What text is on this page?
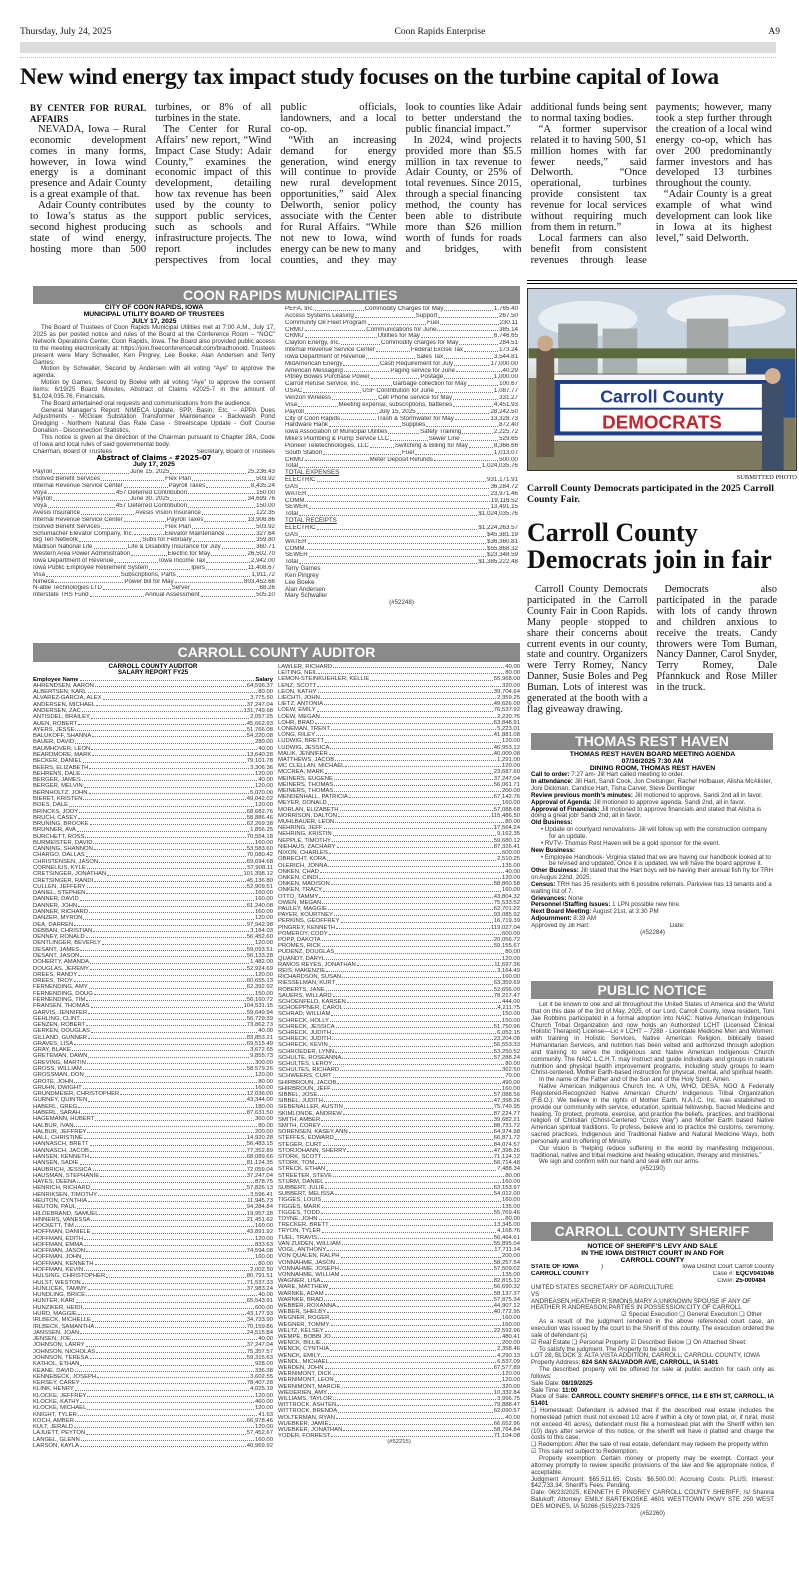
Thursday, July 24, 2025	Coon Rapids Enterprise	A9
New wind energy tax impact study focuses on the turbine capital of Iowa

BY CENTER FOR RURAL AFFAIRS

NEVADA, Iowa – Rural economic development comes in many forms, however, in Iowa wind energy is a dominant presence and Adair County is a great example of that.

Adair County contributes to Iowa’s status as the second highest producing state of wind energy, hosting more than 500 turbines, or 8% of all turbines in the state.

The Center for Rural Affairs’ new report, “Wind Impact Case Study: Adair County,” examines the economic impact of this development, detailing how tax revenue has been used by the county to support public services, such as schools and infrastructure projects. The report includes perspectives from local public officials, landowners, and a local co-op.

“With an increasing demand for energy generation, wind energy will continue to provide new rural development opportunities,” said Alex Delworth, senior policy associate with the Center for Rural Affairs. “While not new to Iowa, wind energy can be new to many counties, and they may look to counties like Adair to better understand the public financial impact.”

In 2024, wind projects provided more than $5.5 million in tax revenue to Adair County, or 25% of total revenues. Since 2015, through a special financing method, the county has been able to distribute more than $26 million worth of funds for roads and bridges, with additional funds being sent to normal taxing bodies.

“A former supervisor related it to having 500, $1 million homes with far fewer needs,” said Delworth. “Once operational, turbines provide consistent tax revenue for local services without requiring much from them in return.”

Local farmers can also benefit from consistent revenues through lease payments; however, many took a step further through the creation of a local wind energy co-op, which has over 200 predominantly farmer investors and has developed 13 turbines throughout the county.

“Adair County is a great example of what wind development can look like in Iowa at its highest level,” said Delworth.

COON RAPIDS MUNICIPALITIES
CITY OF COON RAPIDS, IOWA
MUNICIPAL UTILITY BOARD OF TRUSTEES
JULY 17, 2025
The Board of Trustees of Coon Rapids Municipal Utilities met at 7:00 A.M., July 17, 2025 as per posted notice and rules of the Board at the Conference Room – “NOC” Network Operations Center, Coon Rapids, Iowa. The Board also provided public access to the meeting electronically at: https://join.freeconferencecall.com/bradhonold. Trustees present were Mary Schwaller, Ken Pingrey, Lee Boeke, Alan Andersen and Terry Games.
Motion by Schwaller, Second by Andersen with all voting “Aye” to approve the agenda.
Motion by Games, Second by Boeke with all voting “Aye” to approve the consent items: 6/19/25 Board Minutes, Abstract of Claims #2025-7 in the amount of $1,024,035.76, Financials.
The Board entertained oral requests and communications from the audience.
General Manager’s Report: NIMECA Update, SPP, Basin, Etc. – APPA Dues Adjustments - McGraw Substation Transformer Maintenance - Backwash Pond Dredging - Northern Natural Gas Rate Case - Streetscape Update - Golf Course Donation - Disconnection Statistics.
This notice is given at the direction of the Chairman pursuant to Chapter 28A, Code of Iowa and local rules of said governmental body.
Chairman, Board of Trustees	Secretary, Board of Trustees
Abstract of Claims - #2025-07
July 17, 2025
Payroll	June 15, 2025	25,236.43
ISolved Benefit Services	Flex Plan	503.92
Internal Revenue Service Center	Payroll Taxes	8,435.24
Voya	457 Deferred Contribution	150.00
Payroll	June 30, 2025	34,699.76
Voya	457 Deferred Contribution	150.00
Avesis Insurance	Avesis Vision Insurance	122.35
Internal Revenue Service Center	Payroll Taxes	13,906.86
ISolved Benefit Services	Flex Plan	503.92
Schumacher Elevator Company, Inc.	Elevator Maintenance	327.64
Big Ten Network	Subs for February	359.80
Madison National Life	Life & Disability Insurance for July	360.71
Western Area Power Administration	Electric for May	26,502.70
Iowa Department of Revenue	Iowa Income Tax	2,942.00
Iowa Public Employee Retirement System	Ipers	11,408.67
Visa	Subscriptions, Parts	1,911.72
Nimeca	Power bill for May	803,452.66
N-able Technologies LTD	Server	68.26
Interstate TRS Fund	Annual Assessment	505.10
PEFA, Inc.	Commodity Charges for May	1,765.40
Access Systems Leasing	Support	267.50
Community Oil Fleet Program	Fuel	230.11
CRMU	Communications for June	385.14
CRMU	Utilities for May	6,746.65
Clayton Energy, Inc.	Commodity charges for May	284.51
Internal Revenue Service Center	Federal Excise Tax	173.24
Iowa Department of Revenue	Sales Tax	3,544.81
MidAmerican Energy	Cash Requirement for July	17,000.00
American Messaging	Paging service for June	40.29
Pitney Bowes Purchase Power	Postage	1,000.00
Carroll Refuse Service, Inc.	Garbage collection for May	100.67
USAC	USF Contribution for June	1,087.77
Verizon Wireless	Cell Phone service for May	331.27
Visa	Meeting expense, subscriptions, batteries	4,451.93
Payroll	July 15, 2025	28,242.50
City of Coon Rapids	Trash & Stormwater for May	13,328.73
Hardware Hank	Supplies	872.40
Iowa Association of Municipal Utilities	Safety Training	2,225.72
Mike’s Plumbing & Pump Service LLC	Sewer Line	529.65
Pioneer Teletechnologies, LLC	Switching & Billing for May	8,366.66
South Station	Fuel	1,013.07
CRMU	Meter Deposit Refunds	500.00
Total	1,024,035.76
TOTAL EXPENSES
ELECTRIC	931,171.91
GAS	36,284.72
WATER	23,971.46
COMM.	19,116.52
SEWER	13,491.15
Total	$1,024,035.76
TOTAL RECEIPTS
ELECTRIC	$1,224,263.57
GAS	$45,381.19
WATER	$36,360.81
COMM.	$55,868.32
SEWER	$23,348.59
Total	$1,385,222.48
Terry Games
Ken Pingrey
Lee Boeke
Alan Andersen
Mary Schwaller
(#52248)
CARROLL COUNTY AUDITOR
CARROLL COUNTY AUDITOR
SALARY REPORT FY25
Employee Name	Salary
AHRENDSEN, AARON	64,596.37
ALBERTSEN, KARL	80.00
ALVAREZ-GARCIA, ALEX	3,775.50
ANDERSEN, MICHAEL	37,247.04
ANDERSEN, ZAC	131,749.68
ANTISDEL, BRAILEY	2,057.25
AUEN, ROBERT	45,662.93
AYERS, JESSE	51,766.08
BALUKOFF, SHANNA	54,220.08
BAUER, DAVID	280.00
BAUMHOVER, LEON	40.00
BEARDMORE, MARK	13,640.28
BECKER, DANIEL	79,101.78
BEERS, ELIZABETH	3,306.36
BEHRENS, DALE	120.00
BERGER, JAMES	40.00
BERGER, MELVIN	120.00
BERNHOLTZ, JOHN	5,070.00
BIERET, KRISTEN	49,042.02
BOES, DALE	120.00
BRINCKS, JODY	68,682.76
BRUCH, CASEY	58,886.46
BRUNING, BROOKE	62,269.38
BRUNNER, AVA	1,856.25
BURCHETT, ROSS	70,554.18
BURMEISTER, DAVID	160.00
CANNING, SHANNON	53,583.60
CHARGO, DALLAS	70,080.42
CHRISTENSEN, JASON	69,694.68
CORNELIUS, KYLE	57,908.11
CRETSINGER, JONATHAN	101,398.12
CRETSINGER, RANDI	45,136.80
CULLEN, JEFFERY	52,909.51
DANIEL, STEPHEN	160.00
DANNER, DAVID	160.00
DANNER, JOHN	61,240.08
DANNER, RICHARD	160.00
DANZER, MYRON	120.00
DEA, DARREN	97,942.98
DEBBAN, CHRISTIAN	3,184.03
DENNEY, RONALD	56,452.60
DENTLINGER, BEVERLY	120.00
DESANT, JAMES	59,093.51
DESANT, JASON	56,133.28
DOHERTY, AMANDA	1,482.00
DOUGLAS, JEREMY	52,924.69
DREES, RANDY	120.00
DREES, TROY	60,655.13
FERNENDING, AMY	62,392.92
FERNENDING, DOUG	150.00
FERNENDING, TIM	56,160.72
FRANSEN, THOMAS	104,531.15
GARVIS, JENNIFER	59,649.94
GEHLING, CLINT	56,729.39
GENZEN, ROBERT	73,862.73
GERKEN, DOUGLAS	40.00
GILLAND, GUNNER	83,853.21
GRAVES, LISA	69,515.49
GRAY, BLAKE	3,672.65
GRETEMAN, DAWN	9,855.73
GREVING, MARTIN	300.00
GROSS, WILLIAM	58,579.26
GROSSMAN, DON	120.00
GROTE, JOHN	80.00
GRUHN, DWIGHT	160.00
GRUNDMEIER, CHRISTOPHER	12,036.00
GURNEY, QUINTEN	43,344.00
HABERL, GREG	180.00
HABERL, SARAH	87,631.50
HAGEMANN, HUBERT	360.00
HALBUR, IVAN	80.00
HALBUR, JEFFREY	200.00
HALL, CHRISTINE	14,920.28
HANNASCH, BRETT	56,483.15
HANNASCH, JACOB	77,352.89
HANSEN, KENNETH	68,089.66
HANSEN, SADIE	81,124.35
HAUBRICH, JESSICA	72,059.04
HAUSMAN, STEPHANIE	37,247.04
HAYES, DEENA	878.75
HENRICH, RICHARD	57,826.13
HENRIKSEN, TIMOTHY	3,596.41
HEUTON, CYNTHIA	11,945.73
HEUTON, PAUL	94,284.84
HILDEBRAND, SAMUEL	19,957.28
HINNERS, VANESSA	21,451.62
HOCKETT, TIM	160.00
HOFFMAN, DANIELE	43,891.92
HOFFMAN, EDITH	120.00
HOFFMAN, EMMA	833.63
HOFFMAN, JASON	74,594.08
HOFFMAN, JOHN	160.00
HOFFMAN, KENNETH	80.00
HOFFMAN, KEVIN	2,002.50
HULSING, CHRISTOPHER	80,791.51
HULST, WESTON	71,537.33
HUNLICEK, TAMMY	37,983.24
HUNDLING, BRICE	40.00
HUNTER, KARI	65,543.91
HUNZIKER, HEIDI	600.00
HURD, MAGGIE	43,177.93
IRLBECK, MICHELLE	34,733.90
IRLBECK, SAMANTHA	70,159.86
JANSSEN, JOAN	24,515.84
JENSEN, JOE	40.00
JOHNSON, LARRY	37,247.04
JOHNSON, NICHOLAS	75,357.57
JOHNSON, TERESA	59,315.63
KATHOL, ETHAN	928.00
KEANE, DAVID	336.38
KENNEBECK, JOSEPH	3,602.55
KERSEY, CAREY	78,407.28
KLINK, HENRY	4,025.19
KLOCKE, JEFFREY	120.00
KLOCKE, KATHY	460.00
KLOCKE, MICHAEL	120.00
KNIGHT, TYLER	41.63
KOCH, AMBER	66,978.46
KULT, JERALD	120.00
LAJUETT, PEYTON	57,452.67
LANGEL, GLENN	160.00
LARSON, KAYLA	40,969.92
LAWLER, RICHARD	40.00
LEITING, NEIL	80.00
LEMON-STEINKUEHLER, KELLIE	55,968.00
LENZ, SCOTT	320.00
LEON, KATHY	39,704.64
LIECHTI, JOHN	2,359.25
LIETZ, ANTONIA	49,626.00
LOEW, EMILY	76,537.92
LOEW, MEGAN	2,220.75
LOHR, BRAD	63,848.91
LONEMAN, TRENT	5,223.01
LONG, RILEY	41,881.08
LUDWIG, BRETT	120.00
LUDWIG, JESSICA	46,953.12
MALIK, JENNIFER	40,000.08
MATTHEWS, JACOB	1,291.00
MC CLELLAN, MICHAEL	120.00
MCCREA, MARK	23,687.60
MEINERS, EUGENE	37,247.04
MEINERS, THOMAS	56,061.71
MEINERS, THOMAS	200.00
MENDENHALL, PATRICIA	67,142.76
MEYER, DONALD	160.00
MORLAN, ELIZABETH	57,088.68
MORRISON, DALTON	115,486.50
MUHLBAUER, LEON	80.00
NEHRING, JEFF	17,564.24
NEHRING, KRISTIN	9,162.35
NEPPLE, TIMOTHY	59,680.12
NIEHAUS, ZACHARY	87,326.41
NIXON, CHARLES	600.00
OBRECHT, KORA	2,510.25
OLERICH, JONNA	135.00
ONKEN, CHAD	40.00
ONKEN, CINDI	120.00
ONKEN, MADISON	58,860.58
ONKEN, TRACY	160.00
OTTO, TAMMY	43,804.32
OWEN, MEGAN	75,533.52
PAULEY, MAGGIE	62,701.22
PAYER, KOURTNEY	93,085.92
PERKINS, GEOFFREY	16,719.39
PINGREY, KENNETH	119,027.04
POMEROY, CODY	600.00
POPP, DAKOTA	20,056.72
PROMES, RICK	59,155.67
PUDENZ, DOUGLAS	80.00
QUANDT, DARYL	120.00
RAMOS REYES, JONATHAN	11,697.36
REIS, MAKENZIE	3,164.49
RICHARDSON, SUSAN	160.00
RIESSELMAN, KURT	63,359.69
ROBERTS, JANE	52,656.00
SAUERS, WILLARD	78,217.47
SCHOENFELD, KARSEN	444.00
SCHOEPPNER, CAROL	4,211.75
SCHRAD, WILLIAM	150.00
SCHRECK, HOLLY	150.00
SCHRECK, JESSICA	51,750.96
SCHRECK, JUDITH	6,052.15
SCHRECK, JUDITH	23,204.08
SCHRECK, KEVIN	56,553.33
SCHROEDER, LYNN	53,250.52
SCHULTE, ROSEANNA	57,288.24
SCHULTES, LEROY	80.00
SCHULTES, RICHARD	362.50
SCHWEERS, CURT	70.00
SHIRBROUN, JACOB	490.00
SHIRBROUN, JEFF	160.00
SIBBEL, JOSE	57,088.56
SIBBEL, JUDITH	47,398.26
SIEBENALLER, AUSTIN	75,749.95
SKIMLONDE, ANDREW	87,224.77
SMITH, AMBER	39,682.21
SMITH, COREY	88,731.72
SORENSEN, KASEY ANN	64,974.98
STEFFES, EDWARD	66,871.72
STEGER, CURT	84,074.57
STORJOHANN, SHERRY	47,398.26
STORK, SCOTT	71,124.12
STORK, TOM	56,714.48
STRECK, ETHAN	7,488.34
STREETER, STEVE	80.00
STURM, DANIEL	160.00
SUBBERT, JULIE	63,153.97
SUBBERT, MELISSA	54,012.00
TIGGES, LOUIS	160.00
TIGGES, MARK	135.00
TIGGES, TODD	55,769.46
TOYNE, JOHN	80.00
TRECKER, BRETT	13,345.00
TRYON, TYLER	4,168.76
TUEL, TRAVIS	56,464.61
VAN ZUIDEN, WILLIAM	55,895.04
VOGL, ANTHONY	17,711.14
VON QUALEN, RALPH	200.00
VONNAHME, JASON	58,257.54
VONNAHME, JOSEPH	57,509.02
VONNAHME, WILLIAM	135.00
WAGNER, LISA	82,815.12
WARE, MATTHEW	56,690.32
WARNKE, ADAM	58,137.37
WARNKE, BRAD	57,875.34
WEBBER, ROXANNA	44,907.12
WEBER, SHELBY	40,772.95
WEGNER, ROGER	160.00
WEGNER, TOMMY	160.00
WELTZ, KELSEY	22,592.96
WEMPE, BOBBI JO	480.41
WENCK, BILLIE	200.00
WENCK, CYNTHIA	2,358.46
WENCK, EMILY	4,290.13
WENDL, MICHAEL	6,537.09
WERDEN, JOHN	67,577.89
WERNIMONT, DICK	120.00
WERNIMONT, LEON	120.00
WERNIMONT, MARCIE	320.00
WIEDERIEN, AMY	10,332.84
WILLIAMS, TAYLOR	3,996.75
WITTROCK, ASHTEN	79,888.47
WITTROCK, BRENDA	62,090.57
WOLTERMAN, RYAN	40.00
WUEBKER, JAMIE	66,652.96
WUEBKER, JONATHAN	58,764.84
YODER, FORREST	71,104.08
(#52215)
Carroll County
DEMOCRATS
SUBMITTED PHOTO
Carroll County Democrats participated in the 2025 Carroll County Fair.
Carroll County Democrats join in fair

Carroll County Democrats participated in the Carroll County Fair in Coon Rapids. Many people stopped to share their concerns about current events in our county, state and country. Organizers were Terry Romey, Nancy Danner, Susie Boles and Peg Buman. Lots of interest was generated at the booth with a flag giveaway drawing.

Democrats also participated in the parade with lots of candy thrown and children anxious to receive the treats. Candy throwers were Tom Buman, Nancy Danner, Carol Snyder, Terry Romey, Dale Pfannkuck and Rose Miller in the truck.

THOMAS REST HAVEN
THOMAS REST HAVEN BOARD MEETING AGENDA
07/16/2025 7:30 AM
DINING ROOM, THOMAS REST HAVEN
Call to order: 7:27 am- Jill Hart called meeting to order.
In attendance: Jill Hart, Sandi Cook, Jon Cretsinger, Rachel Hofbauer, Alisha McAlister, Joni Dickman, Candice Hart, Tisha Carver, Steve Dentlinger
Review previous month’s minutes: Jill motioned to approve, Sandi 2nd all in favor.
Approval of Agenda: Jill motioned to approve agenda, Sandi 2nd, all in favor.
Approval of Financials: Jill motioned to approve financials and stated that Alisha is doing a great job! Sandi 2nd, all in favor.
Old Business:
• Update on courtyard renovations- Jill will follow up with the construction company for an update.
• RVTV- Thomas Rest Haven will be a gold sponsor for the event.
New Business:
• Employee Handbook- Virginia stated that we are having our handbook looked at to be revised and updated. Once it is updated, we will have the board approve it.
Other Business: Jill stated that the Hart boys will be having their annual fish fry for TRH on Augus 22nd. 2025.
Census: TRH has 35 residents with 6 possible referrals. Parkview has 13 tenants and a waiting list of 7.
Grievances: None
Personnel /Staffing Issues: 1 LPN possible new hire.
Next Board Meeting: August 21st, at 3:30 PM
Adjournment: 8:39 AM
Approved by Jill Hart:	Date:
(#52284)
PUBLIC NOTICE
Let it be known to one and all throughout the United States of America and the World that on this date of the 3rd of May, 2025, of our Lord, Carroll County, Iowa resident, Toni Jae Robbins participated in a formal adoption into NAIC: Native American Indigenous Church Tribal Organization and now holds an Authorized LCHT (Licensed Clinical Holistic Therapist) License—Lic # LCHT – 7288 - Licentiate Medicine Men and Women: with training in Holistic Services, Native American Religion, biblically based Humanitarian Services, and nutrition has been vetted and authorized through adoption and training to serve the Indigenous and Native American Indigenous Church community. The NAIC L.C.H.T. may instruct and guide individuals and groups in natural nutrition and physical health improvement programs, including study groups to learn Christ-centered, Mother Earth-based instruction for physical, mental, and spiritual health.
In the name of the Father and of the Son and of the Holy Spirit. Amen.
Native American Indigenous Church Inc. A UN, WHO, DESA, NGO & Federally Registered-Recognized Native American Church/ Indigenous Tribal Organization (F.B.O.): We believe in the rights of Mother Earth. N.A.I.C. Inc. was established to provide our community with service, education, spiritual fellowship, Sacred Medicine and healing. To protect, promote, exercise, and practice the beliefs, practices, and traditional religion of Christian (Christ-Centered “Cross Way”) and Mother Earth based Native American spiritual traditions. To profess, believe and to practice the customs, ceremony, sacred practices, Indigenous and Traditional Native and Natural Medicine Ways, both personally and in offering of Ministry.
Our vision is “helping reduce suffering in the world by manifesting Indigenous, traditional, native and tribal medicine and healing education, therapy and ministries.”
We sign and confirm with our hand and seal with our arms.
(#52190)
CARROLL COUNTY SHERIFF
NOTICE OF SHERIFF’S LEVY AND SALE
IN THE IOWA DISTRICT COURT IN AND FOR
CARROLL COUNTY
STATE OF IOWA	)	Iowa District Court Carroll County
CARROLL COUNTY	Case #:
EQCV041046
Civil#:
25-000484

UNITED STATES SECRETARY OF AGRICULTURE
VS
ANDREASEN,HEATHER R;SIMONS,MARY A;UNKNOWN SPOUSE IF ANY OF HEATHER R ANDREASON;PARTIES IN POSSESSION;CITY OF CARROLL
☑ Special Execution ❑ General Execution ❑ Other
As a result of the judgment rendered in the above referenced court case, an execution was issued by the court to the Sheriff of this county. The execution ordered the sale of defendant (s)
☑ Real Estate ❑ Personal Property ☑ Described Below ❑ On Attached Sheet:
To satisfy the judgment. The Property to be sold is
LOT 28, BLOCK 3, ALTA VISTA ADDITION, CARROLL, CARROLL COUNTY, IOWA
Property Address: 624 SAN SALVADOR AVE, CARROLL, IA 51401
The described property will be offered for sale at public auction for cash only as follows:
Sale Date: 08/19/2025
Sale Time: 11:00
Place of Sale: CARROLL COUNTY SHERIFF’S OFFICE, 114 E 6TH ST, CARROLL, IA 51401
❑ Homestead: Defendant is advised that if the described real estate includes the homestead (which must not exceed 1/2 acre if within a city or town plat, or, if rural, must not exceed 40 acres), defendant must file a homestead plat with the Sheriff within ten (10) days after service of this notice, or the sheriff will have it platted and charge the costs to this case.
❑ Redemption: After the sale of real estate, defendant may redeem the property within
☑ This sale not subject to Redemption.
Property exemption: Certain money or property may be exempt. Contact your attorney promptly to review specific provisions of the law and file appropriate notice, if acceptable.
Judgment Amount: $65,511.65; Costs: $6,500.00; Accruing Costs: PLUS; Interest: $42,733.34; Sheriff’s Fees: Pending.
Date: 06/23/2025, KENNETH E PINGREY CARROLL COUNTY SHERIFF; /s/ Shanna Balukoff; Attorney: EMILY BARTEKOSKE 4601 WESTTOWN PKWY STE 250 WEST DES MOINES, IA 50266 (515)223-7325
(#52260)
